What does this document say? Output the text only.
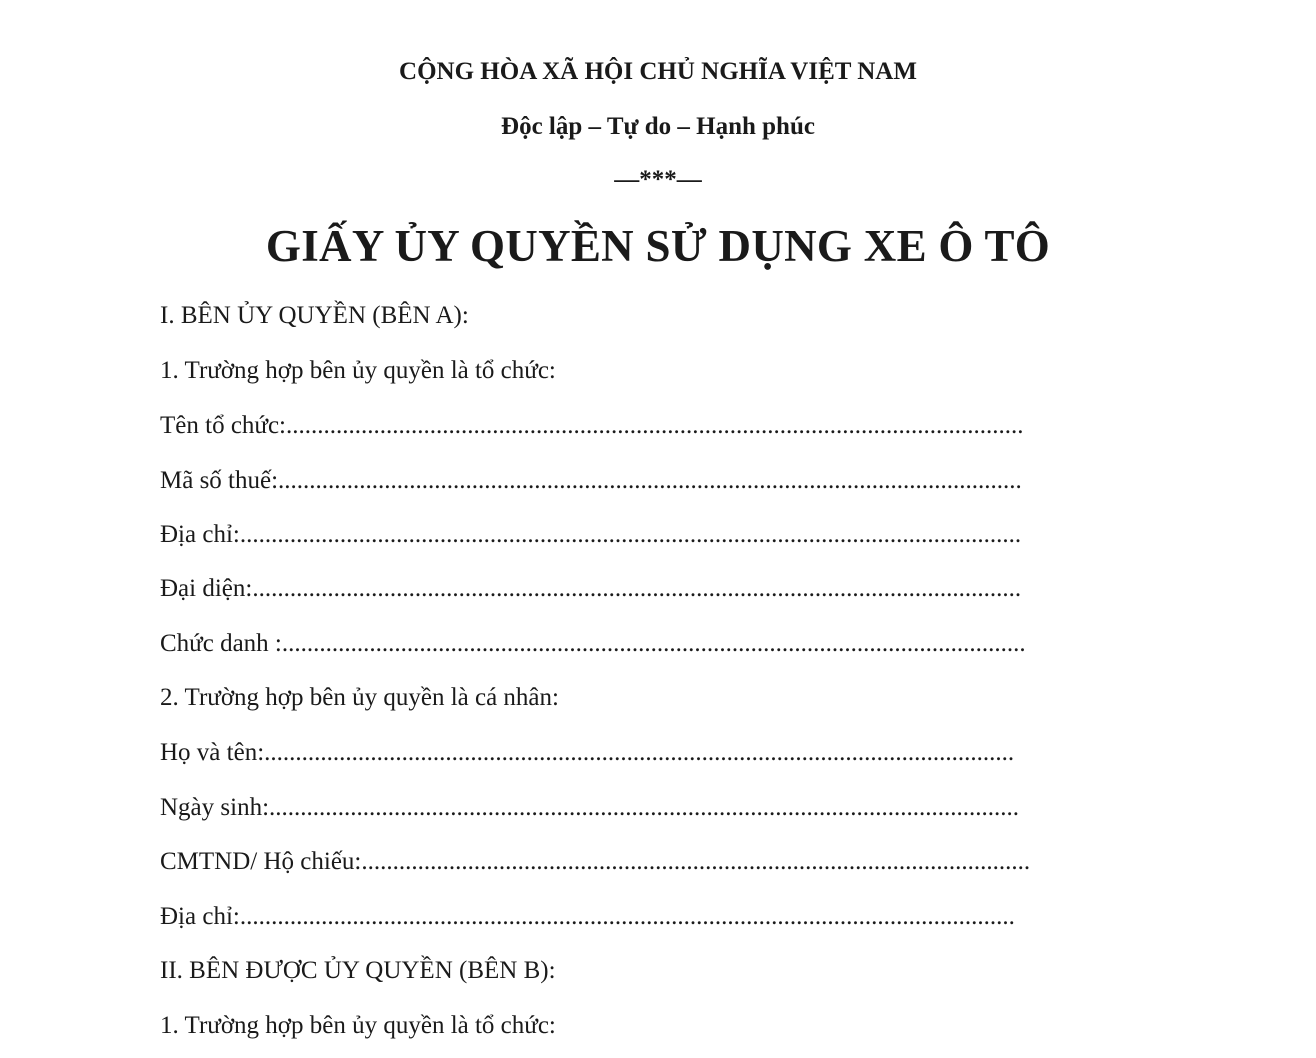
CỘNG HÒA XÃ HỘI CHỦ NGHĨA VIỆT NAM
Độc lập – Tự do – Hạnh phúc
—***—
GIẤY ỦY QUYỀN SỬ DỤNG XE Ô TÔ
I. BÊN ỦY QUYỀN (BÊN A):
1. Trường hợp bên ủy quyền là tổ chức:
Tên tổ chức:......................................................................................................................
Mã số thuế:.......................................................................................................................
Địa chỉ:.............................................................................................................................
Đại diện:...........................................................................................................................
Chức danh :.......................................................................................................................
2. Trường hợp bên ủy quyền là cá nhân:
Họ và tên:........................................................................................................................
Ngày sinh:........................................................................................................................
CMTND/ Hộ chiếu:...........................................................................................................
Địa chỉ:............................................................................................................................
II. BÊN ĐƯỢC ỦY QUYỀN (BÊN B):
1. Trường hợp bên ủy quyền là tổ chức:
